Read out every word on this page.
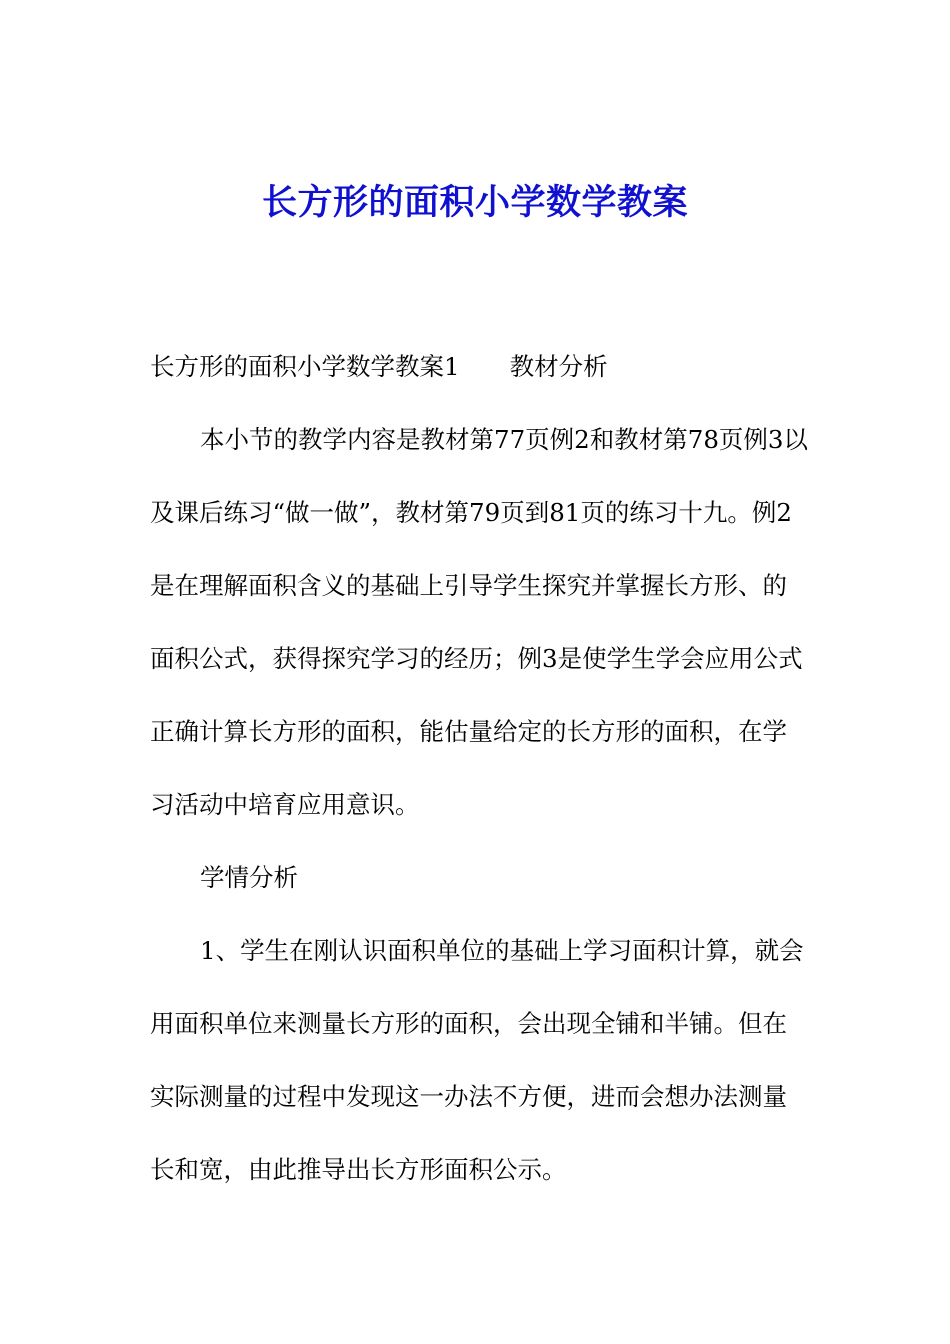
长方形的面积小学数学教案

长方形的面积小学数学教案1 教材分析

本小节的教学内容是教材第77页例2和教材第78页例3以及课后练习“做一做”，教材第79页到81页的练习十九。例2是在理解面积含义的基础上引导学生探究并掌握长方形、的面积公式，获得探究学习的经历；例3是使学生学会应用公式正确计算长方形的面积，能估量给定的长方形的面积，在学习活动中培育应用意识。

学情分析

1、学生在刚认识面积单位的基础上学习面积计算，就会用面积单位来测量长方形的面积，会出现全铺和半铺。但在实际测量的过程中发现这一办法不方便，进而会想办法测量长和宽，由此推导出长方形面积公示。
